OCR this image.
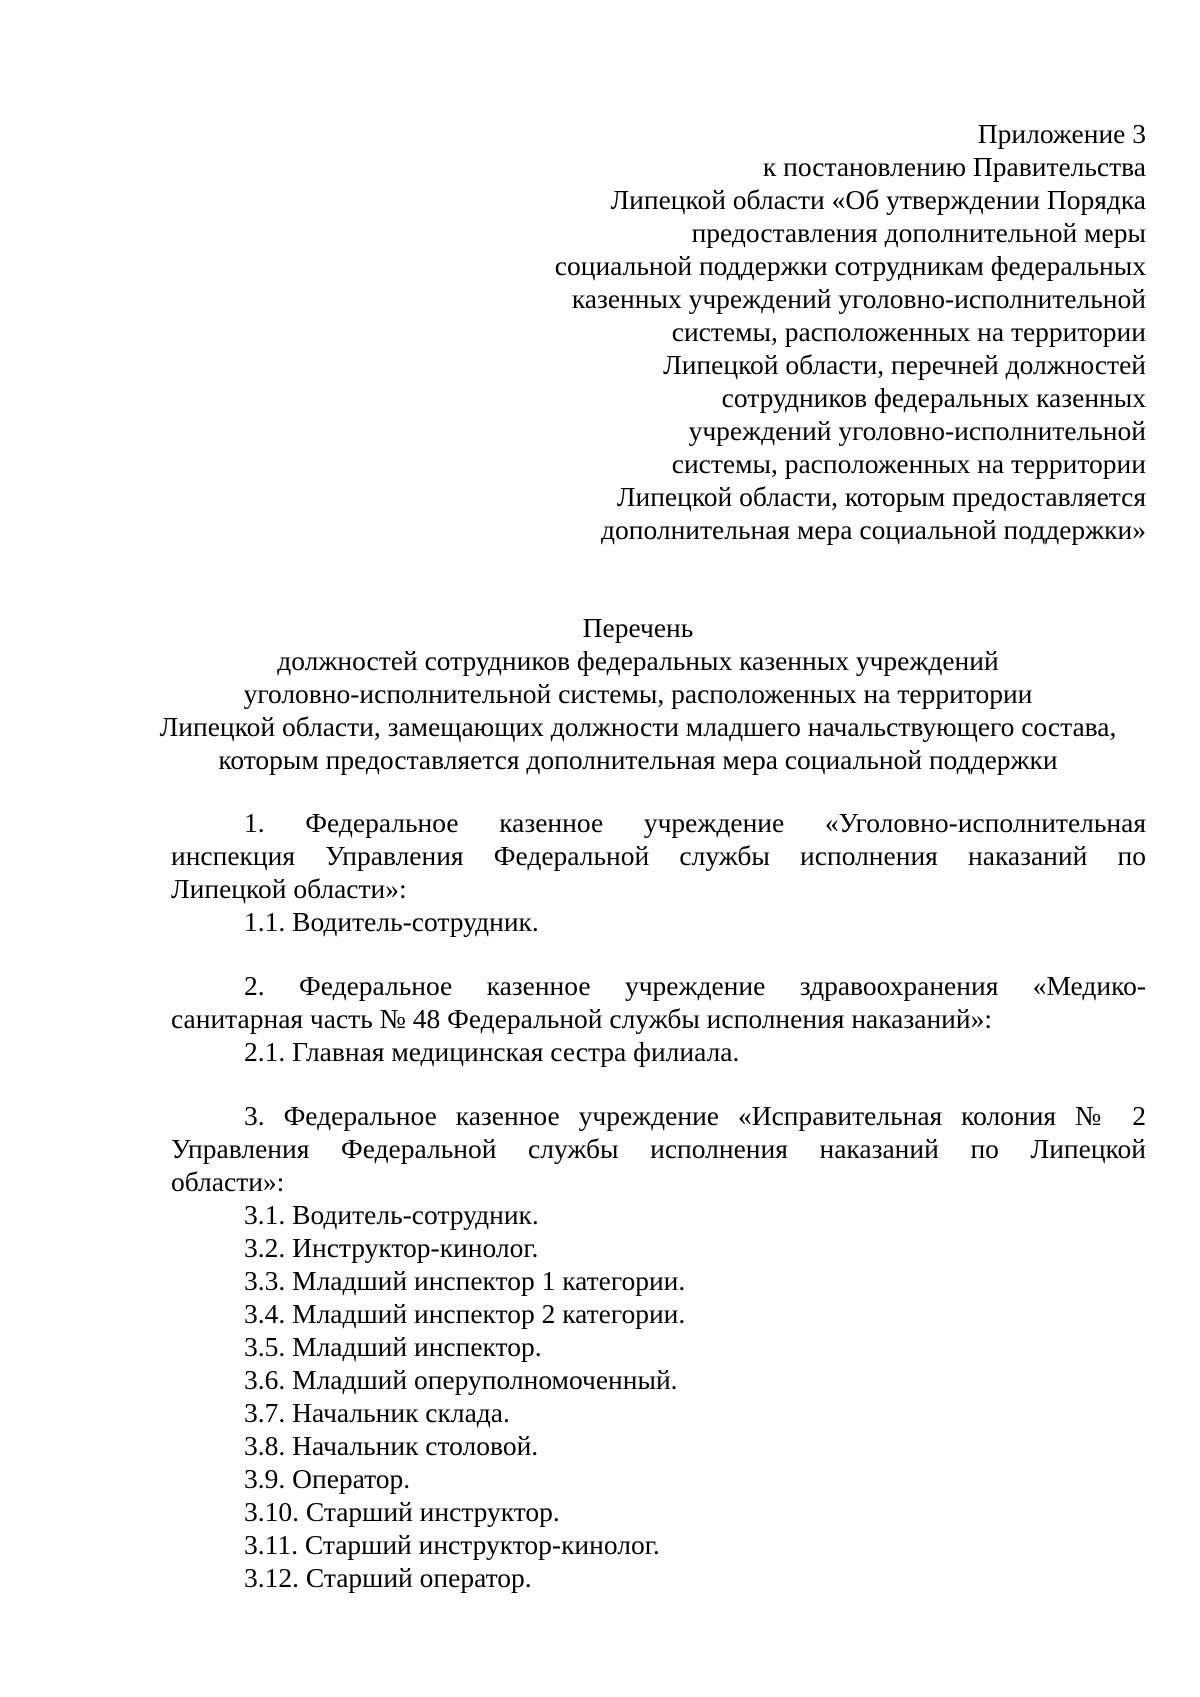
Приложение 3
к постановлению Правительства
Липецкой области «Об утверждении Порядка
предоставления дополнительной меры
социальной поддержки сотрудникам федеральных
казенных учреждений уголовно-исполнительной
системы, расположенных на территории
Липецкой области, перечней должностей
сотрудников федеральных казенных
учреждений уголовно-исполнительной
системы, расположенных на территории
Липецкой области, которым предоставляется
дополнительная мера социальной поддержки»
Перечень
должностей сотрудников федеральных казенных учреждений
уголовно-исполнительной системы, расположенных на территории
Липецкой области, замещающих должности младшего начальствующего состава,
которым предоставляется дополнительная мера социальной поддержки
1. Федеральное казенное учреждение «Уголовно-исполнительная
инспекция Управления Федеральной службы исполнения наказаний по
Липецкой области»:
1.1. Водитель-сотрудник.
2. Федеральное казенное учреждение здравоохранения «Медико-
санитарная часть № 48 Федеральной службы исполнения наказаний»:
2.1. Главная медицинская сестра филиала.
3. Федеральное казенное учреждение «Исправительная колония № 2
Управления Федеральной службы исполнения наказаний по Липецкой
области»:
3.1. Водитель-сотрудник.
3.2. Инструктор-кинолог.
3.3. Младший инспектор 1 категории.
3.4. Младший инспектор 2 категории.
3.5. Младший инспектор.
3.6. Младший оперуполномоченный.
3.7. Начальник склада.
3.8. Начальник столовой.
3.9. Оператор.
3.10. Старший инструктор.
3.11. Старший инструктор-кинолог.
3.12. Старший оператор.
